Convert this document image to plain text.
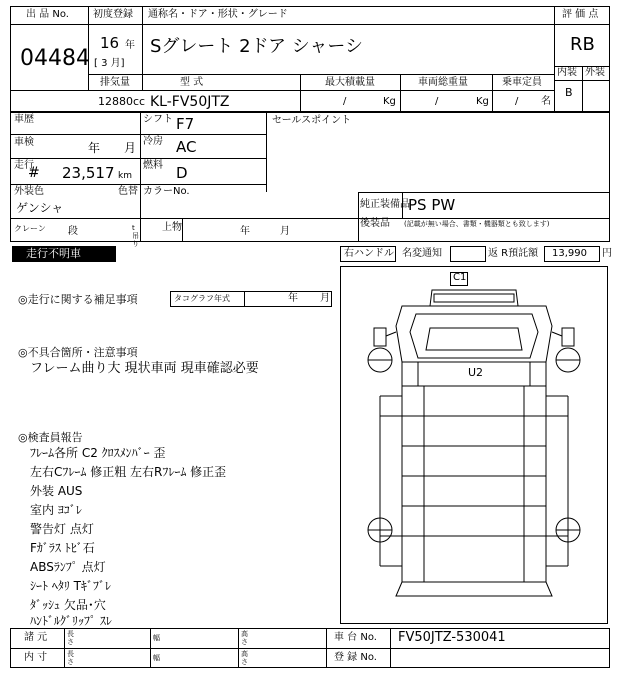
出 品 No.
04484
初度登録 通称名・ドア・形状・グレード
16 年
[ 3 月]
Sグレート 2ドア シャーシ
評 価 点
RB
内装 外装
B
排気量	型 式	最大積載量	車両総重量	乗車定員
12880 cc KL-FV50JTZ	/	Kg	/	Kg	/ 名
車歴
車検	年 月
走行
# 23,517 km
外装色
ゲンシャ
色替
シフト F7
冷房 AC
燃料 D
カラーNo.
セールスポイント
純正装備品
PS PW
後装品 (記載が無い場合、書類・機器類とも致します)
クレーン 段	t 吊り
上物	年	月
走行不明車	右ハンドル 名変通知	返 R預託額 13,990 円
◎走行に関する補足事項	タコグラフ年式	年 月
◎不具合箇所・注意事項
フレーム曲り大 現状車両 現車確認必要
◎検査員報告
ﾌﾚｰﾑ各所 C2 ｸﾛｽﾒﾝﾊﾞｰ 歪
左右Cﾌﾚｰﾑ 修正粗 左右Rﾌﾚｰﾑ 修正歪
外装 AUS
室内 ﾖｺﾞﾚ
警告灯 点灯
Fｶﾞﾗｽ ﾄﾋﾞ石
ABSﾗﾝﾌﾟ 点灯
ｼｰﾄ ﾍﾀﾘ Tｷﾞﾌﾞﾚ
ﾀﾞｯｼｭ 欠品･穴
ﾊﾝﾄﾞﾙｸﾞﾘｯﾌﾟ ｽﾚ
C1
U2
諸 元
内 寸
長さ	幅	高さ
長さ	幅	高さ
車 台 No. FV50JTZ-530041
登 録 No.
